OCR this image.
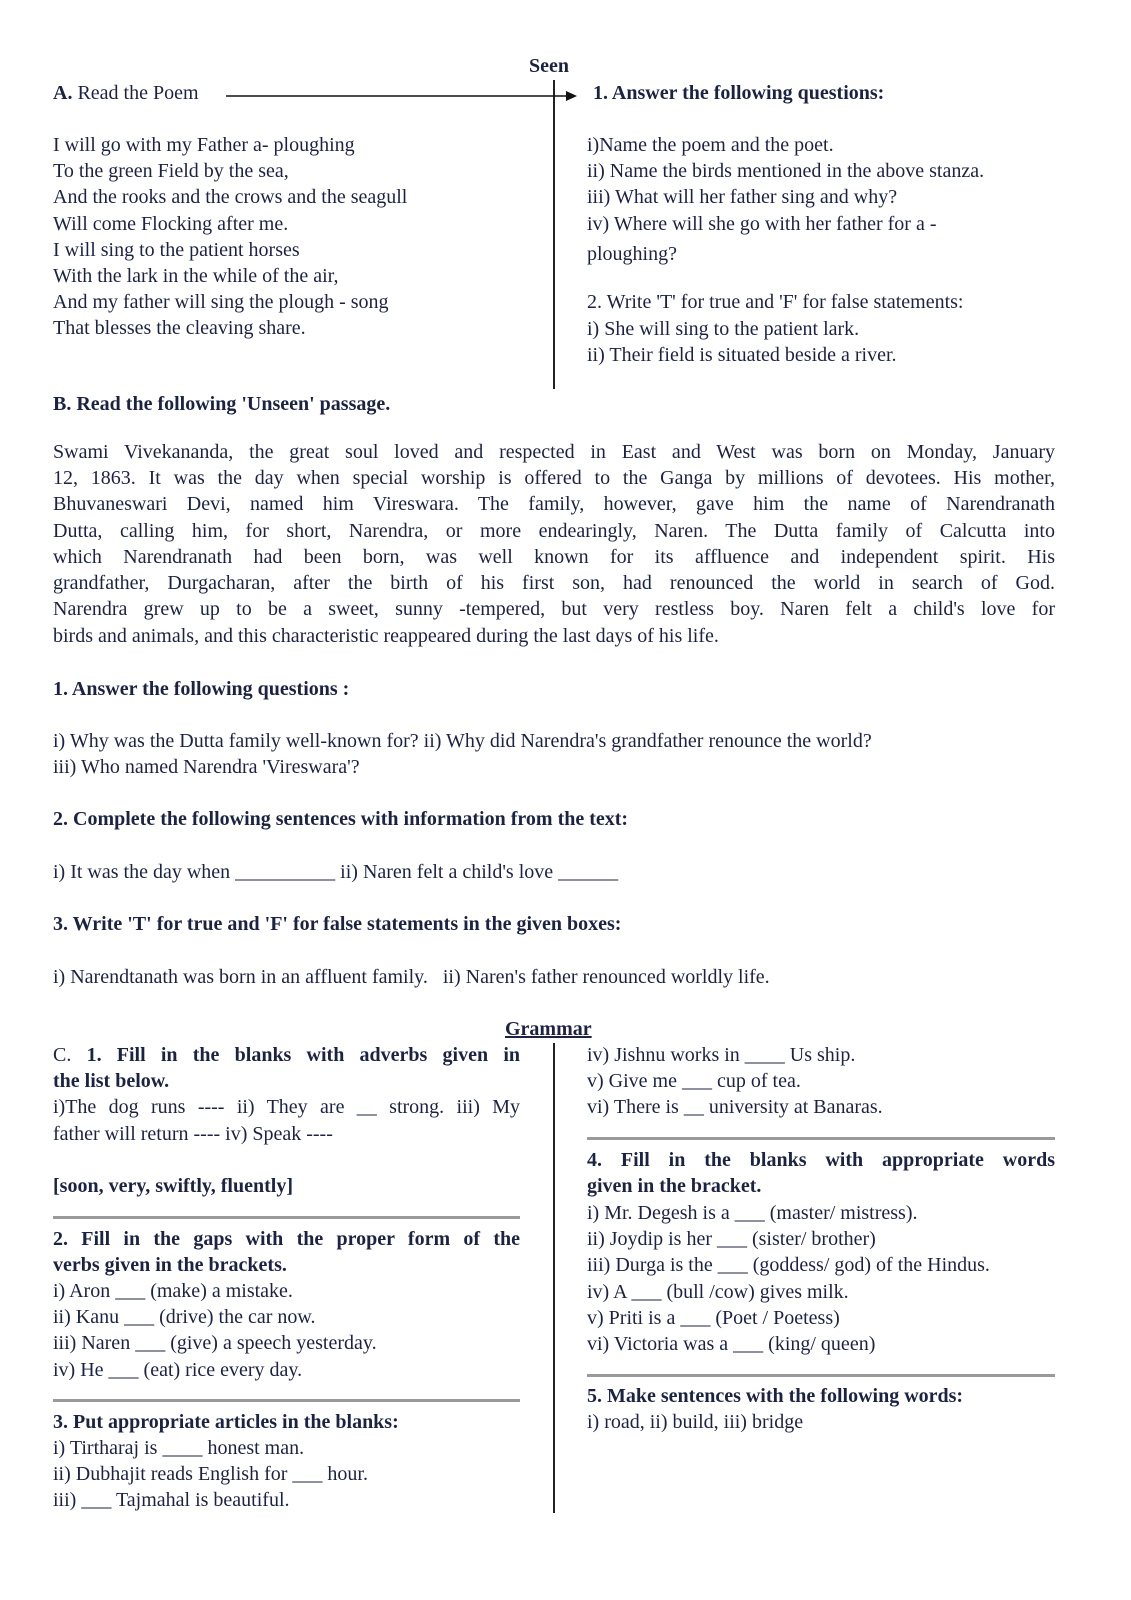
Seen
A. Read the Poem
I will go with my Father a- ploughing
To the green Field by the sea,
And the rooks and the crows and the seagull
Will come Flocking after me.
I will sing to the patient horses
With the lark in the while of the air,
And my father will sing the plough - song
That blesses the cleaving share.
1. Answer the following questions:
i)Name the poem and the poet.
ii) Name the birds mentioned in the above stanza.
iii) What will her father sing and why?
iv) Where will she go with her father for a -
ploughing?
2. Write 'T' for true and 'F' for false statements:
i) She will sing to the patient lark.
ii) Their field is situated beside a river.
B. Read the following 'Unseen' passage.
Swami Vivekananda, the great soul loved and respected in East and West was born on Monday, January
12, 1863. It was the day when special worship is offered to the Ganga by millions of devotees. His mother,
Bhuvaneswari Devi, named him Vireswara. The family, however, gave him the name of Narendranath
Dutta, calling him, for short, Narendra, or more endearingly, Naren. The Dutta family of Calcutta into
which Narendranath had been born, was well known for its affluence and independent spirit. His
grandfather, Durgacharan, after the birth of his first son, had renounced the world in search of God.
Narendra grew up to be a sweet, sunny -tempered, but very restless boy. Naren felt a child's love for
birds and animals, and this characteristic reappeared during the last days of his life.
1. Answer the following questions :
i) Why was the Dutta family well-known for? ii) Why did Narendra's grandfather renounce the world?
iii) Who named Narendra 'Vireswara'?
2. Complete the following sentences with information from the text:
i) It was the day when __________ ii) Naren felt a child's love ______
3. Write 'T' for true and 'F' for false statements in the given boxes:
i) Narendtanath was born in an affluent family.   ii) Naren's father renounced worldly life.
Grammar
C. 1. Fill in the blanks with adverbs given in
the list below.
i)The dog runs ---- ii) They are __ strong. iii) My
father will return ---- iv) Speak ----
[soon, very, swiftly, fluently]
2. Fill in the gaps with the proper form of the
verbs given in the brackets.
i) Aron ___ (make) a mistake.
ii) Kanu ___ (drive) the car now.
iii) Naren ___ (give) a speech yesterday.
iv) He ___ (eat) rice every day.
3. Put appropriate articles in the blanks:
i) Tirtharaj is ____ honest man.
ii) Dubhajit reads English for ___ hour.
iii) ___ Tajmahal is beautiful.
iv) Jishnu works in ____ Us ship.
v) Give me ___ cup of tea.
vi) There is __ university at Banaras.
4. Fill in the blanks with appropriate words
given in the bracket.
i) Mr. Degesh is a ___ (master/ mistress).
ii) Joydip is her ___ (sister/ brother)
iii) Durga is the ___ (goddess/ god) of the Hindus.
iv) A ___ (bull /cow) gives milk.
v) Priti is a ___ (Poet / Poetess)
vi) Victoria was a ___ (king/ queen)
5. Make sentences with the following words:
i) road, ii) build, iii) bridge
